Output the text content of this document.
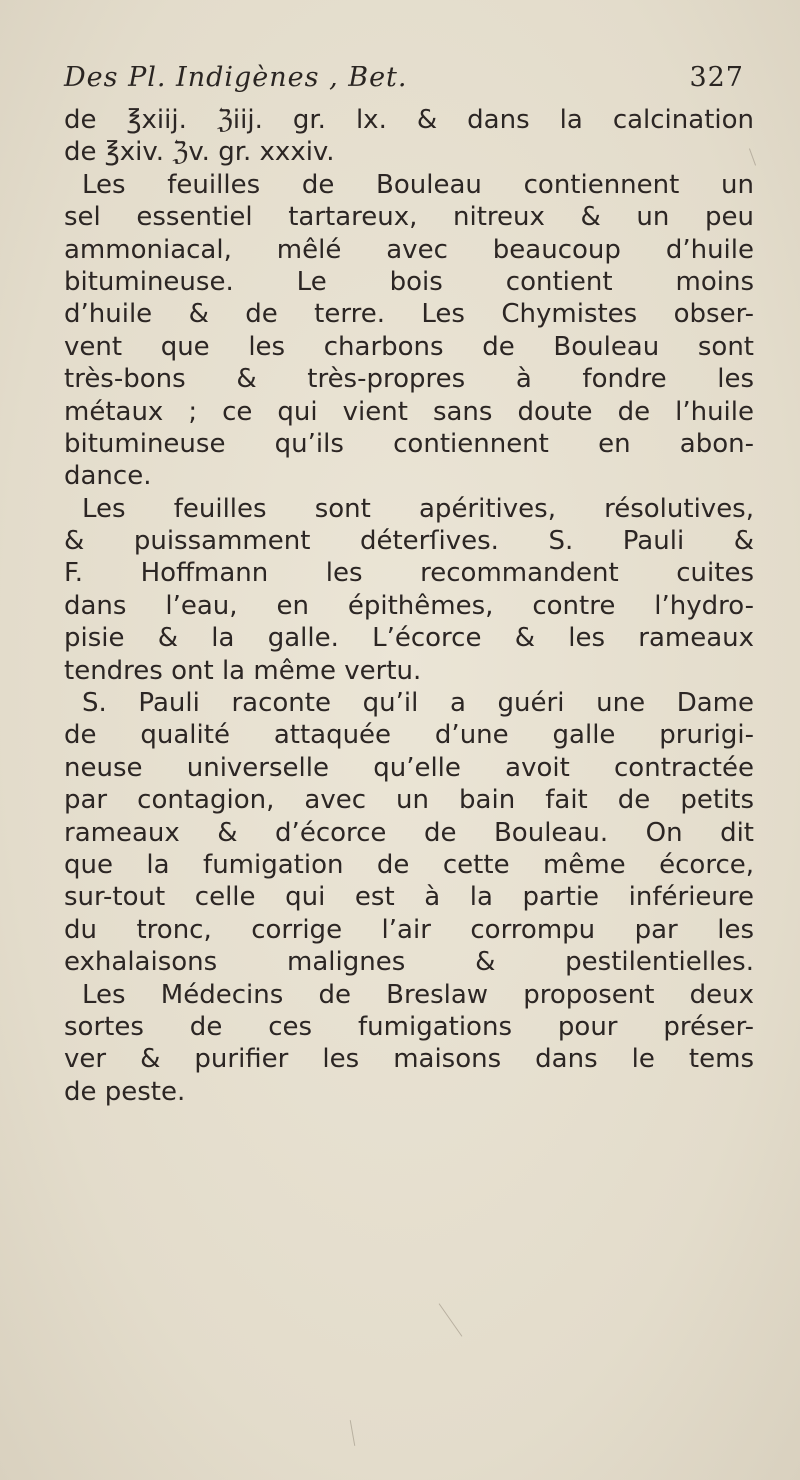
Des Pl. Indigènes , Bet.	327
de ℥xiij. ℨiij. gr. lx. & dans la calcination
de ℥xiv. ℨv. gr. xxxiv.
Les feuilles de Bouleau contiennent un
sel essentiel tartareux, nitreux & un peu
ammoniacal, mêlé avec beaucoup d’huile
bitumineuse. Le bois contient moins
d’huile & de terre. Les Chymistes obser-
vent que les charbons de Bouleau sont
très-bons & très-propres à fondre les
métaux ; ce qui vient sans doute de l’huile
bitumineuse qu’ils contiennent en abon-
dance.
Les feuilles sont apéritives, résolutives,
& puissamment déterſives. S. Pauli &
F. Hoffmann les recommandent cuites
dans l’eau, en épithêmes, contre l’hydro-
pisie & la galle. L’écorce & les rameaux
tendres ont la même vertu.
S. Pauli raconte qu’il a guéri une Dame
de qualité attaquée d’une galle prurigi-
neuse universelle qu’elle avoit contractée
par contagion, avec un bain fait de petits
rameaux & d’écorce de Bouleau. On dit
que la fumigation de cette même écorce,
sur-tout celle qui est à la partie inférieure
du tronc, corrige l’air corrompu par les
exhalaisons malignes & pestilentielles.
Les Médecins de Breslaw proposent deux
sortes de ces fumigations pour préser-
ver & purifier les maisons dans le tems
de peste.
